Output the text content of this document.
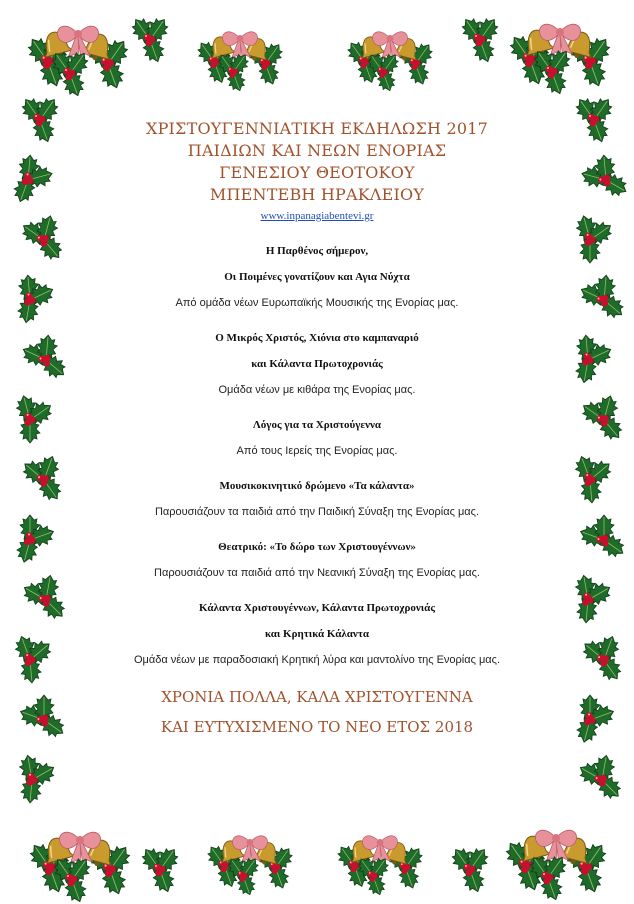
ΧΡΙΣΤΟΥΓΕΝΝΙΑΤΙΚΗ ΕΚΔΗΛΩΣΗ 2017
ΠΑΙΔΙΩΝ ΚΑΙ ΝΕΩΝ ΕΝΟΡΙΑΣ
ΓΕΝΕΣΙΟΥ ΘΕΟΤΟΚΟΥ
ΜΠΕΝΤΕΒΗ ΗΡΑΚΛΕΙΟΥ
www.inpanagiabentevi.gr
Η Παρθένος σήμερον,
Οι Ποιμένες γονατίζουν και Αγια Νύχτα
Από ομάδα νέων Ευρωπαϊκής Μουσικής της Ενορίας μας.
Ο Μικρός Χριστός, Χιόνια στο καμπαναριό
και Κάλαντα Πρωτοχρονιάς
Ομάδα νέων με κιθάρα της Ενορίας μας.
Λόγος για τα Χριστούγεννα
Από τους Ιερείς της Ενορίας μας.
Μουσικοκινητικό δρώμενο «Τα κάλαντα»
Παρουσιάζουν τα παιδιά από την Παιδική Σύναξη της Ενορίας μας.
Θεατρικό: «Το δώρο των Χριστουγέννων»
Παρουσιάζουν τα παιδιά από την Νεανική Σύναξη της Ενορίας μας.
Κάλαντα Χριστουγέννων, Κάλαντα Πρωτοχρονιάς
και Κρητικά Κάλαντα
Ομάδα νέων με παραδοσιακή Κρητική λύρα και μαντολίνο της Ενορίας μας.
ΧΡΟΝΙΑ ΠΟΛΛΑ, ΚΑΛΑ ΧΡΙΣΤΟΥΓΕΝΝΑ
ΚΑΙ ΕΥΤΥΧΙΣΜΕΝΟ ΤΟ ΝΕΟ ΕΤΟΣ 2018
